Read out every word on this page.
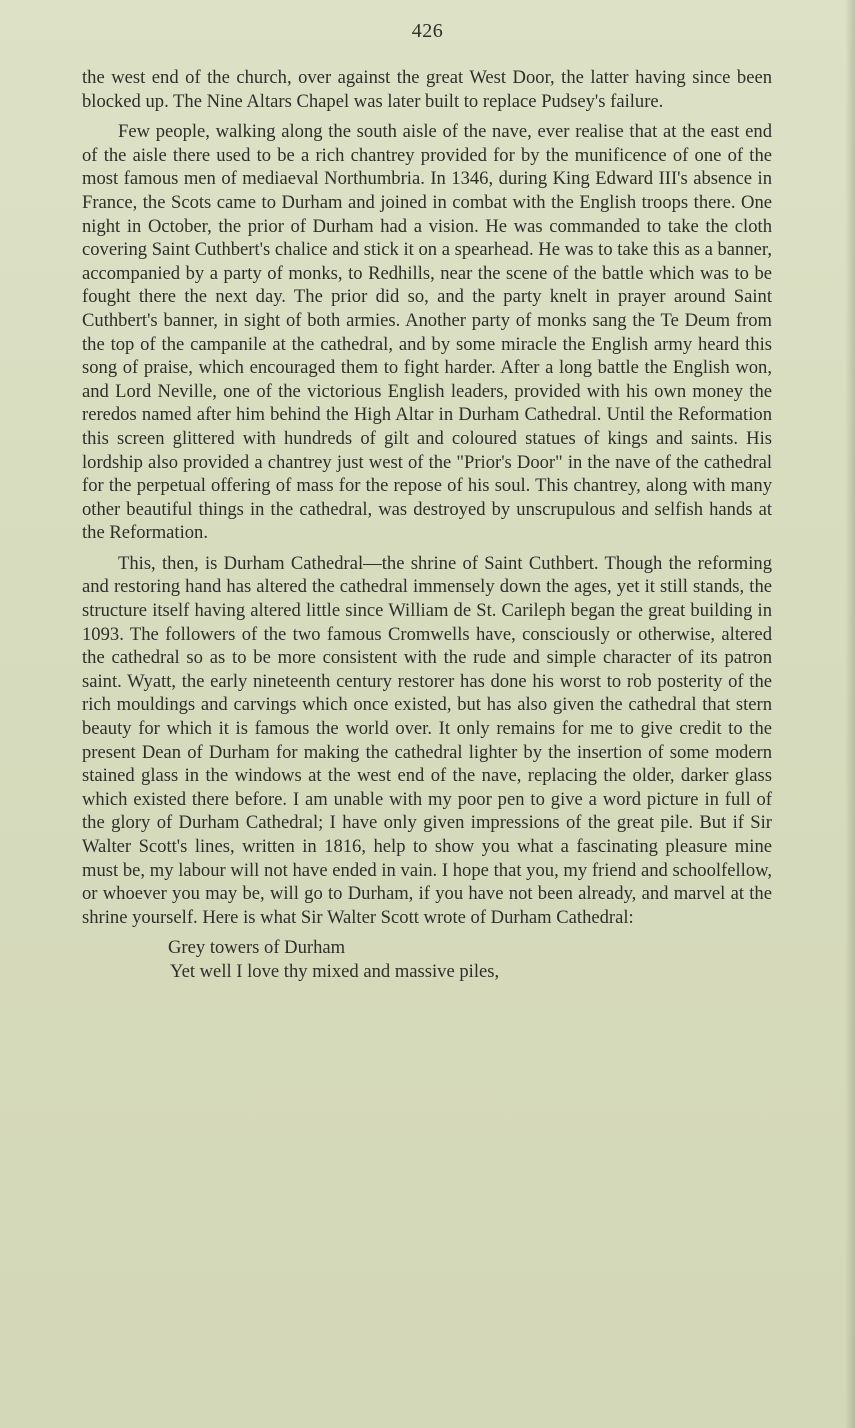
426

the west end of the church, over against the great West Door, the latter having since been blocked up. The Nine Altars Chapel was later built to replace Pudsey's failure.

Few people, walking along the south aisle of the nave, ever realise that at the east end of the aisle there used to be a rich chantrey provided for by the munificence of one of the most famous men of mediaeval Northumbria. In 1346, during King Edward III's absence in France, the Scots came to Durham and joined in combat with the English troops there. One night in October, the prior of Durham had a vision. He was commanded to take the cloth covering Saint Cuthbert's chalice and stick it on a spearhead. He was to take this as a banner, accompanied by a party of monks, to Redhills, near the scene of the battle which was to be fought there the next day. The prior did so, and the party knelt in prayer around Saint Cuthbert's banner, in sight of both armies. Another party of monks sang the Te Deum from the top of the campanile at the cathedral, and by some miracle the English army heard this song of praise, which encouraged them to fight harder. After a long battle the English won, and Lord Neville, one of the victorious English leaders, provided with his own money the reredos named after him behind the High Altar in Durham Cathedral. Until the Reformation this screen glittered with hundreds of gilt and coloured statues of kings and saints. His lordship also provided a chantrey just west of the "Prior's Door" in the nave of the cathedral for the perpetual offering of mass for the repose of his soul. This chantrey, along with many other beautiful things in the cathedral, was destroyed by unscrupulous and selfish hands at the Reformation.

This, then, is Durham Cathedral—the shrine of Saint Cuthbert. Though the reforming and restoring hand has altered the cathedral immensely down the ages, yet it still stands, the structure itself having altered little since William de St. Carileph began the great building in 1093. The followers of the two famous Cromwells have, consciously or otherwise, altered the cathedral so as to be more consistent with the rude and simple character of its patron saint. Wyatt, the early nineteenth century restorer has done his worst to rob posterity of the rich mouldings and carvings which once existed, but has also given the cathedral that stern beauty for which it is famous the world over. It only remains for me to give credit to the present Dean of Durham for making the cathedral lighter by the insertion of some modern stained glass in the windows at the west end of the nave, replacing the older, darker glass which existed there before. I am unable with my poor pen to give a word picture in full of the glory of Durham Cathedral; I have only given impressions of the great pile. But if Sir Walter Scott's lines, written in 1816, help to show you what a fascinating pleasure mine must be, my labour will not have ended in vain. I hope that you, my friend and schoolfellow, or whoever you may be, will go to Durham, if you have not been already, and marvel at the shrine yourself. Here is what Sir Walter Scott wrote of Durham Cathedral:

Grey towers of Durham
Yet well I love thy mixed and massive piles,
